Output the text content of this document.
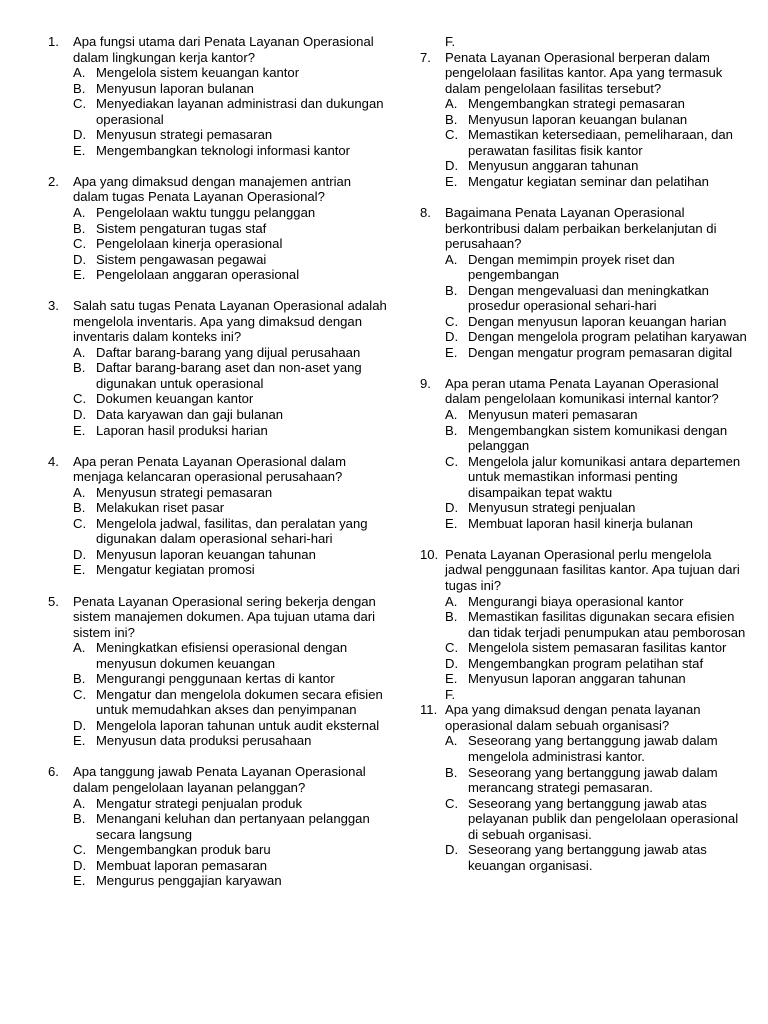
1.	Apa fungsi utama dari Penata Layanan Operasional dalam lingkungan kerja kantor?
A. Mengelola sistem keuangan kantor
B. Menyusun laporan bulanan
C. Menyediakan layanan administrasi dan dukungan operasional
D. Menyusun strategi pemasaran
E. Mengembangkan teknologi informasi kantor
2.	Apa yang dimaksud dengan manajemen antrian dalam tugas Penata Layanan Operasional?
A. Pengelolaan waktu tunggu pelanggan
B. Sistem pengaturan tugas staf
C. Pengelolaan kinerja operasional
D. Sistem pengawasan pegawai
E. Pengelolaan anggaran operasional
3.	Salah satu tugas Penata Layanan Operasional adalah mengelola inventaris. Apa yang dimaksud dengan inventaris dalam konteks ini?
A. Daftar barang-barang yang dijual perusahaan
B. Daftar barang-barang aset dan non-aset yang digunakan untuk operasional
C. Dokumen keuangan kantor
D. Data karyawan dan gaji bulanan
E. Laporan hasil produksi harian
4.	Apa peran Penata Layanan Operasional dalam menjaga kelancaran operasional perusahaan?
A. Menyusun strategi pemasaran
B. Melakukan riset pasar
C. Mengelola jadwal, fasilitas, dan peralatan yang digunakan dalam operasional sehari-hari
D. Menyusun laporan keuangan tahunan
E. Mengatur kegiatan promosi
5.	Penata Layanan Operasional sering bekerja dengan sistem manajemen dokumen. Apa tujuan utama dari sistem ini?
A. Meningkatkan efisiensi operasional dengan menyusun dokumen keuangan
B. Mengurangi penggunaan kertas di kantor
C. Mengatur dan mengelola dokumen secara efisien untuk memudahkan akses dan penyimpanan
D. Mengelola laporan tahunan untuk audit eksternal
E. Menyusun data produksi perusahaan
6.	Apa tanggung jawab Penata Layanan Operasional dalam pengelolaan layanan pelanggan?
A. Mengatur strategi penjualan produk
B. Menangani keluhan dan pertanyaan pelanggan secara langsung
C. Mengembangkan produk baru
D. Membuat laporan pemasaran
E. Mengurus penggajian karyawan
F.
7.	Penata Layanan Operasional berperan dalam pengelolaan fasilitas kantor. Apa yang termasuk dalam pengelolaan fasilitas tersebut?
A. Mengembangkan strategi pemasaran
B. Menyusun laporan keuangan bulanan
C. Memastikan ketersediaan, pemeliharaan, dan perawatan fasilitas fisik kantor
D. Menyusun anggaran tahunan
E. Mengatur kegiatan seminar dan pelatihan
8.	Bagaimana Penata Layanan Operasional berkontribusi dalam perbaikan berkelanjutan di perusahaan?
A. Dengan memimpin proyek riset dan pengembangan
B. Dengan mengevaluasi dan meningkatkan prosedur operasional sehari-hari
C. Dengan menyusun laporan keuangan harian
D. Dengan mengelola program pelatihan karyawan
E. Dengan mengatur program pemasaran digital
9.	Apa peran utama Penata Layanan Operasional dalam pengelolaan komunikasi internal kantor?
A. Menyusun materi pemasaran
B. Mengembangkan sistem komunikasi dengan pelanggan
C. Mengelola jalur komunikasi antara departemen untuk memastikan informasi penting disampaikan tepat waktu
D. Menyusun strategi penjualan
E. Membuat laporan hasil kinerja bulanan
10. Penata Layanan Operasional perlu mengelola jadwal penggunaan fasilitas kantor. Apa tujuan dari tugas ini?
A. Mengurangi biaya operasional kantor
B. Memastikan fasilitas digunakan secara efisien dan tidak terjadi penumpukan atau pemborosan
C. Mengelola sistem pemasaran fasilitas kantor
D. Mengembangkan program pelatihan staf
E. Menyusun laporan anggaran tahunan
F.
11. Apa yang dimaksud dengan penata layanan operasional dalam sebuah organisasi?
A. Seseorang yang bertanggung jawab dalam mengelola administrasi kantor.
B. Seseorang yang bertanggung jawab dalam merancang strategi pemasaran.
C. Seseorang yang bertanggung jawab atas pelayanan publik dan pengelolaan operasional di sebuah organisasi.
D. Seseorang yang bertanggung jawab atas keuangan organisasi.
